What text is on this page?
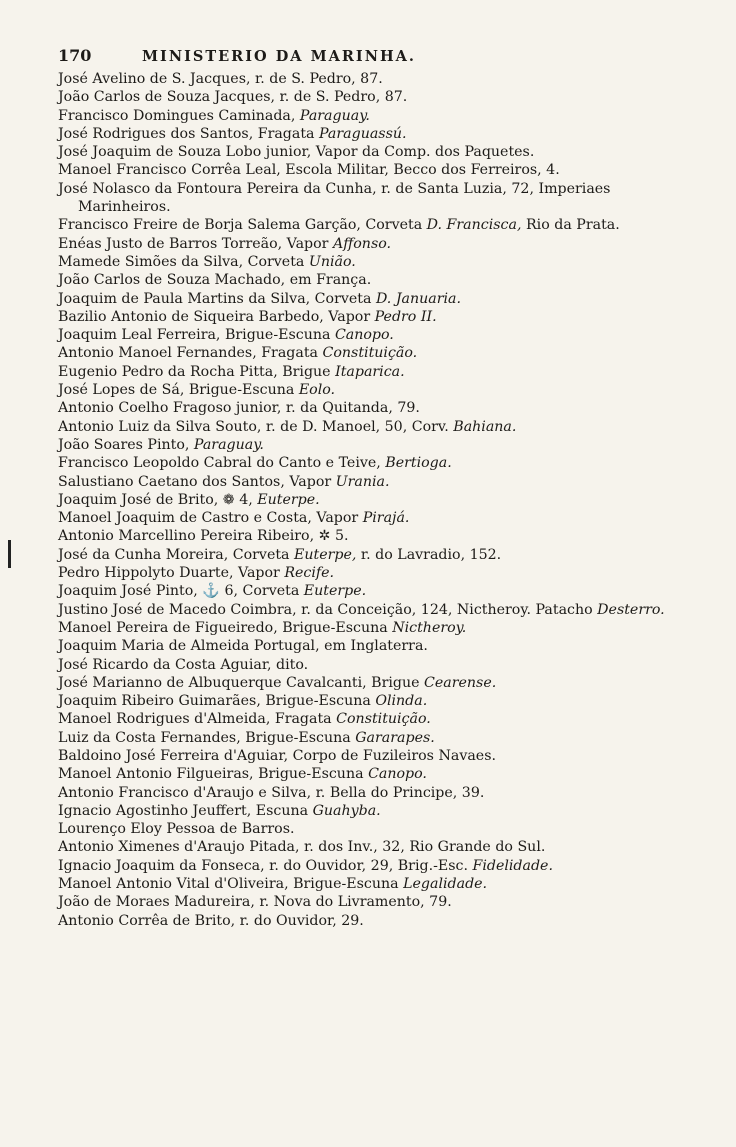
170	MINISTERIO DA MARINHA.
José Avelino de S. Jacques, r. de S. Pedro, 87.
João Carlos de Souza Jacques, r. de S. Pedro, 87.
Francisco Domingues Caminada, Paraguay.
José Rodrigues dos Santos, Fragata Paraguassú.
José Joaquim de Souza Lobo junior, Vapor da Comp. dos Paquetes.
Manoel Francisco Corrêa Leal, Escola Militar, Becco dos Ferreiros, 4.
José Nolasco da Fontoura Pereira da Cunha, r. de Santa Luzia, 72, Imperiaes Marinheiros.
Francisco Freire de Borja Salema Garção, Corveta D. Francisca, Rio da Prata.
Enéas Justo de Barros Torreão, Vapor Affonso.
Mamede Simões da Silva, Corveta União.
João Carlos de Souza Machado, em França.
Joaquim de Paula Martins da Silva, Corveta D. Januaria.
Bazilio Antonio de Siqueira Barbedo, Vapor Pedro II.
Joaquim Leal Ferreira, Brigue-Escuna Canopo.
Antonio Manoel Fernandes, Fragata Constituição.
Eugenio Pedro da Rocha Pitta, Brigue Itaparica.
José Lopes de Sá, Brigue-Escuna Eolo.
Antonio Coelho Fragoso junior, r. da Quitanda, 79.
Antonio Luiz da Silva Souto, r. de D. Manoel, 50, Corv. Bahiana.
João Soares Pinto, Paraguay.
Francisco Leopoldo Cabral do Canto e Teive, Bertioga.
Salustiano Caetano dos Santos, Vapor Urania.
Joaquim José de Brito, ❁ 4, Euterpe.
Manoel Joaquim de Castro e Costa, Vapor Pirajá.
Antonio Marcellino Pereira Ribeiro, ✲ 5.
José da Cunha Moreira, Corveta Euterpe, r. do Lavradio, 152.
Pedro Hippolyto Duarte, Vapor Recife.
Joaquim José Pinto, ⚓ 6, Corveta Euterpe.
Justino José de Macedo Coimbra, r. da Conceição, 124, Nictheroy. Patacho Desterro.
Manoel Pereira de Figueiredo, Brigue-Escuna Nictheroy.
Joaquim Maria de Almeida Portugal, em Inglaterra.
José Ricardo da Costa Aguiar, dito.
José Marianno de Albuquerque Cavalcanti, Brigue Cearense.
Joaquim Ribeiro Guimarães, Brigue-Escuna Olinda.
Manoel Rodrigues d'Almeida, Fragata Constituição.
Luiz da Costa Fernandes, Brigue-Escuna Gararapes.
Baldoino José Ferreira d'Aguiar, Corpo de Fuzileiros Navaes.
Manoel Antonio Filgueiras, Brigue-Escuna Canopo.
Antonio Francisco d'Araujo e Silva, r. Bella do Principe, 39.
Ignacio Agostinho Jeuffert, Escuna Guahyba.
Lourenço Eloy Pessoa de Barros.
Antonio Ximenes d'Araujo Pitada, r. dos Inv., 32, Rio Grande do Sul.
Ignacio Joaquim da Fonseca, r. do Ouvidor, 29, Brig.-Esc. Fidelidade.
Manoel Antonio Vital d'Oliveira, Brigue-Escuna Legalidade.
João de Moraes Madureira, r. Nova do Livramento, 79.
Antonio Corrêa de Brito, r. do Ouvidor, 29.
